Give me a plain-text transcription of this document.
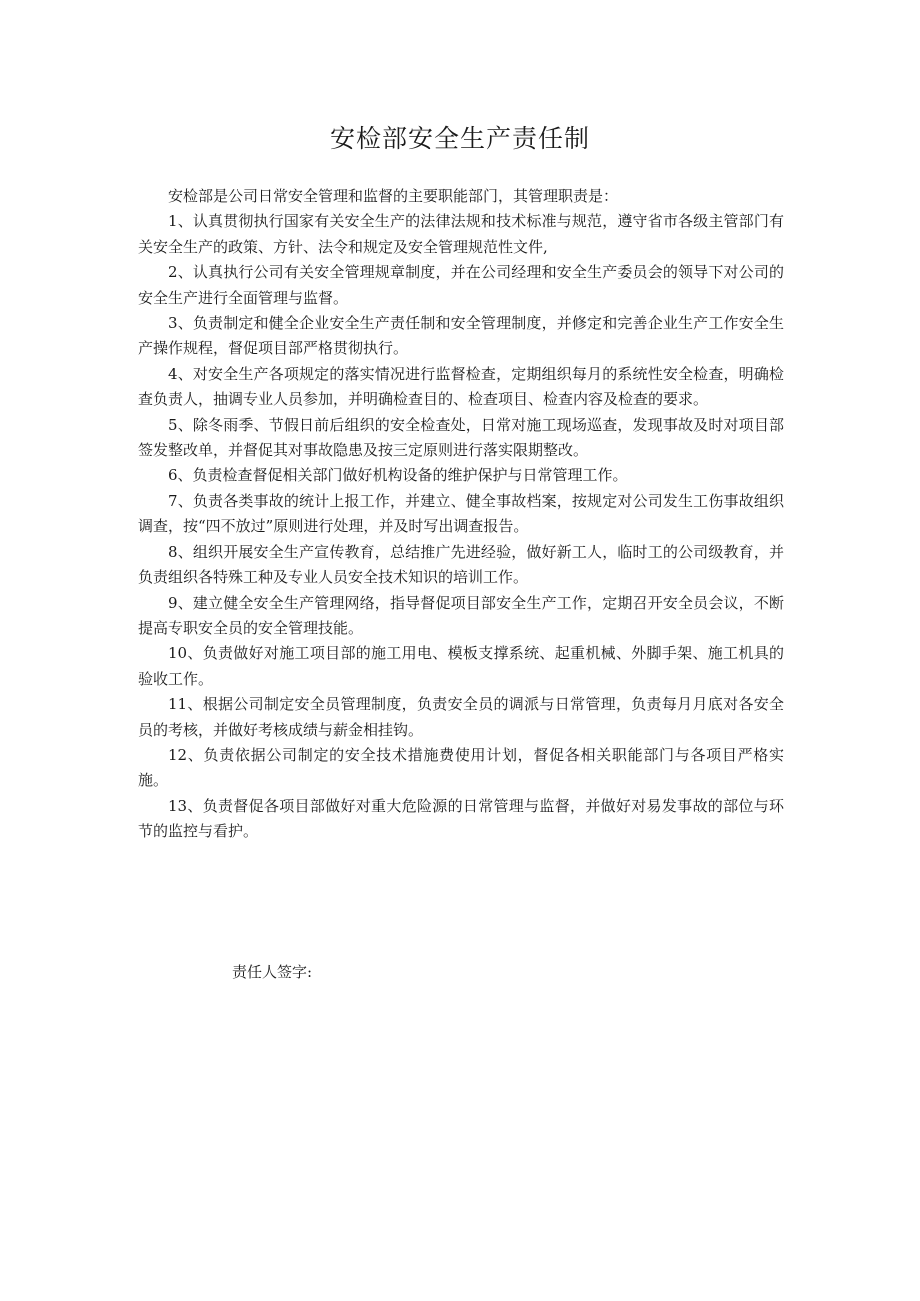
安检部安全生产责任制

安检部是公司日常安全管理和监督的主要职能部门，其管理职责是：

1、认真贯彻执行国家有关安全生产的法律法规和技术标准与规范，遵守省市各级主管部门有关安全生产的政策、方针、法令和规定及安全管理规范性文件,

2、认真执行公司有关安全管理规章制度，并在公司经理和安全生产委员会的领导下对公司的安全生产进行全面管理与监督。

3、负责制定和健全企业安全生产责任制和安全管理制度，并修定和完善企业生产工作安全生产操作规程，督促项目部严格贯彻执行。

4、对安全生产各项规定的落实情况进行监督检查，定期组织每月的系统性安全检查，明确检查负责人，抽调专业人员参加，并明确检查目的、检查项目、检查内容及检查的要求。

5、除冬雨季、节假日前后组织的安全检查处，日常对施工现场巡查，发现事故及时对项目部签发整改单，并督促其对事故隐患及按三定原则进行落实限期整改。

6、负责检查督促相关部门做好机构设备的维护保护与日常管理工作。

7、负责各类事故的统计上报工作，并建立、健全事故档案，按规定对公司发生工伤事故组织调查，按“四不放过”原则进行处理，并及时写出调查报告。

8、组织开展安全生产宣传教育，总结推广先进经验，做好新工人，临时工的公司级教育，并负责组织各特殊工种及专业人员安全技术知识的培训工作。

9、建立健全安全生产管理网络，指导督促项目部安全生产工作，定期召开安全员会议，不断提高专职安全员的安全管理技能。

10、负责做好对施工项目部的施工用电、模板支撑系统、起重机械、外脚手架、施工机具的验收工作。

11、根据公司制定安全员管理制度，负责安全员的调派与日常管理，负责每月月底对各安全员的考核，并做好考核成绩与薪金相挂钩。

12、负责依据公司制定的安全技术措施费使用计划，督促各相关职能部门与各项目严格实施。

13、负责督促各项目部做好对重大危险源的日常管理与监督，并做好对易发事故的部位与环节的监控与看护。

责任人签字:
